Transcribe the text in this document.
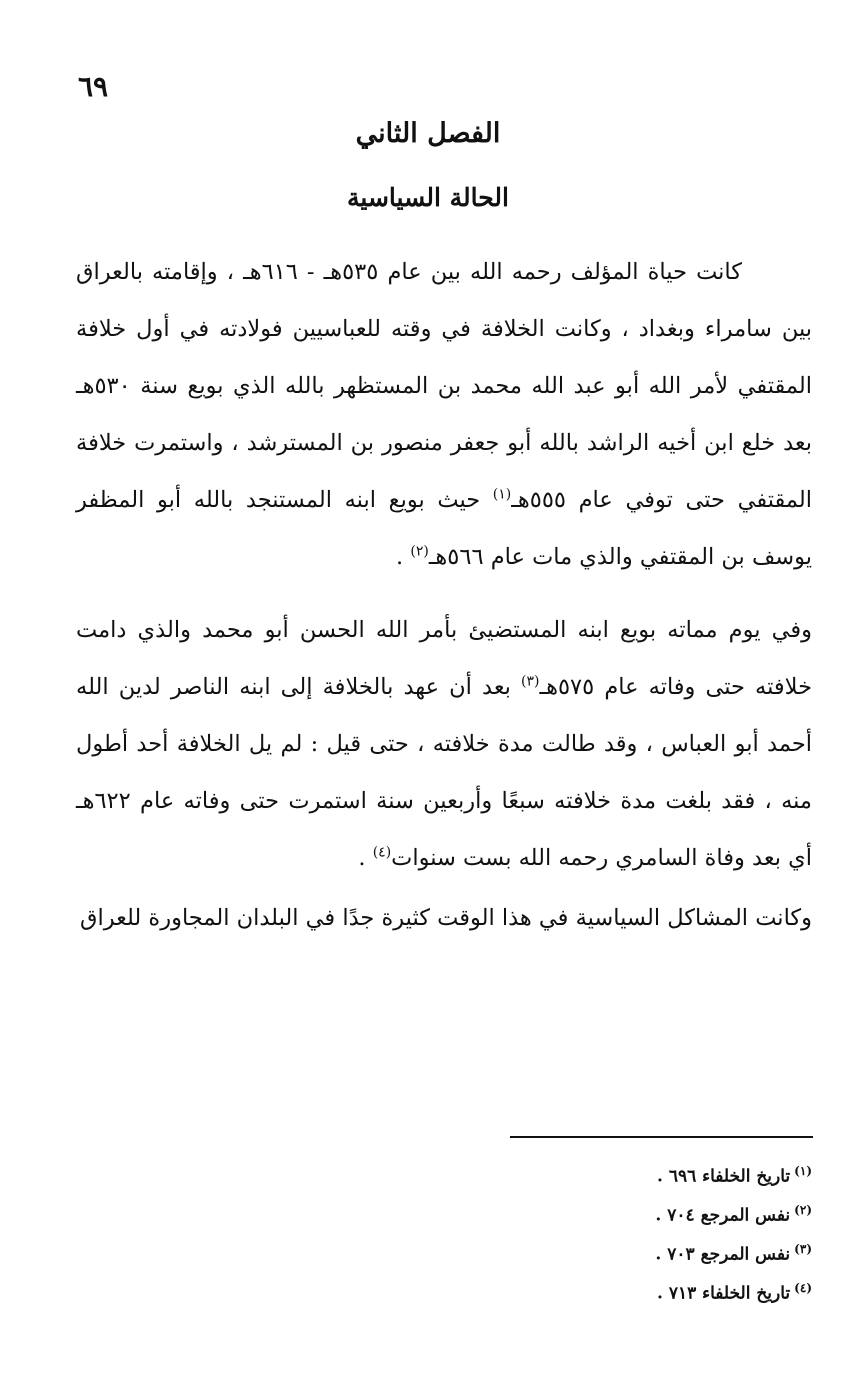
٦٩
الفصل الثاني
الحالة السياسية

كانت حياة المؤلف رحمه الله بين عام ٥٣٥هـ - ٦١٦هـ ، وإقامته بالعراق بين سامراء وبغداد ، وكانت الخلافة في وقته للعباسيين فولادته في أول خلافة المقتفي لأمر الله أبو عبد الله محمد بن المستظهر بالله الذي بويع سنة ٥٣٠هـ بعد خلع ابن أخيه الراشد بالله أبو جعفر منصور بن المسترشد ، واستمرت خلافة المقتفي حتى توفي عام ٥٥٥هـ$^{(١)}$ حيث بويع ابنه المستنجد بالله أبو المظفر يوسف بن المقتفي والذي مات عام ٥٦٦هـ$^{(٢)}$ .

وفي يوم مماته بويع ابنه المستضيئ بأمر الله الحسن أبو محمد والذي دامت خلافته حتى وفاته عام ٥٧٥هـ$^{(٣)}$ بعد أن عهد بالخلافة إلى ابنه الناصر لدين الله أحمد أبو العباس ، وقد طالت مدة خلافته ، حتى قيل : لم يل الخلافة أحد أطول منه ، فقد بلغت مدة خلافته سبعًا وأربعين سنة استمرت حتى وفاته عام ٦٢٢هـ أي بعد وفاة السامري رحمه الله بست سنوات$^{(٤)}$ .

وكانت المشاكل السياسية في هذا الوقت كثيرة جدًا في البلدان المجاورة للعراق

$^{(١)}$تاريخ الخلفاء ٦٩٦ .
$^{(٢)}$نفس المرجع ٧٠٤ .
$^{(٣)}$نفس المرجع ٧٠٣ .
$^{(٤)}$تاريخ الخلفاء ٧١٣ .
